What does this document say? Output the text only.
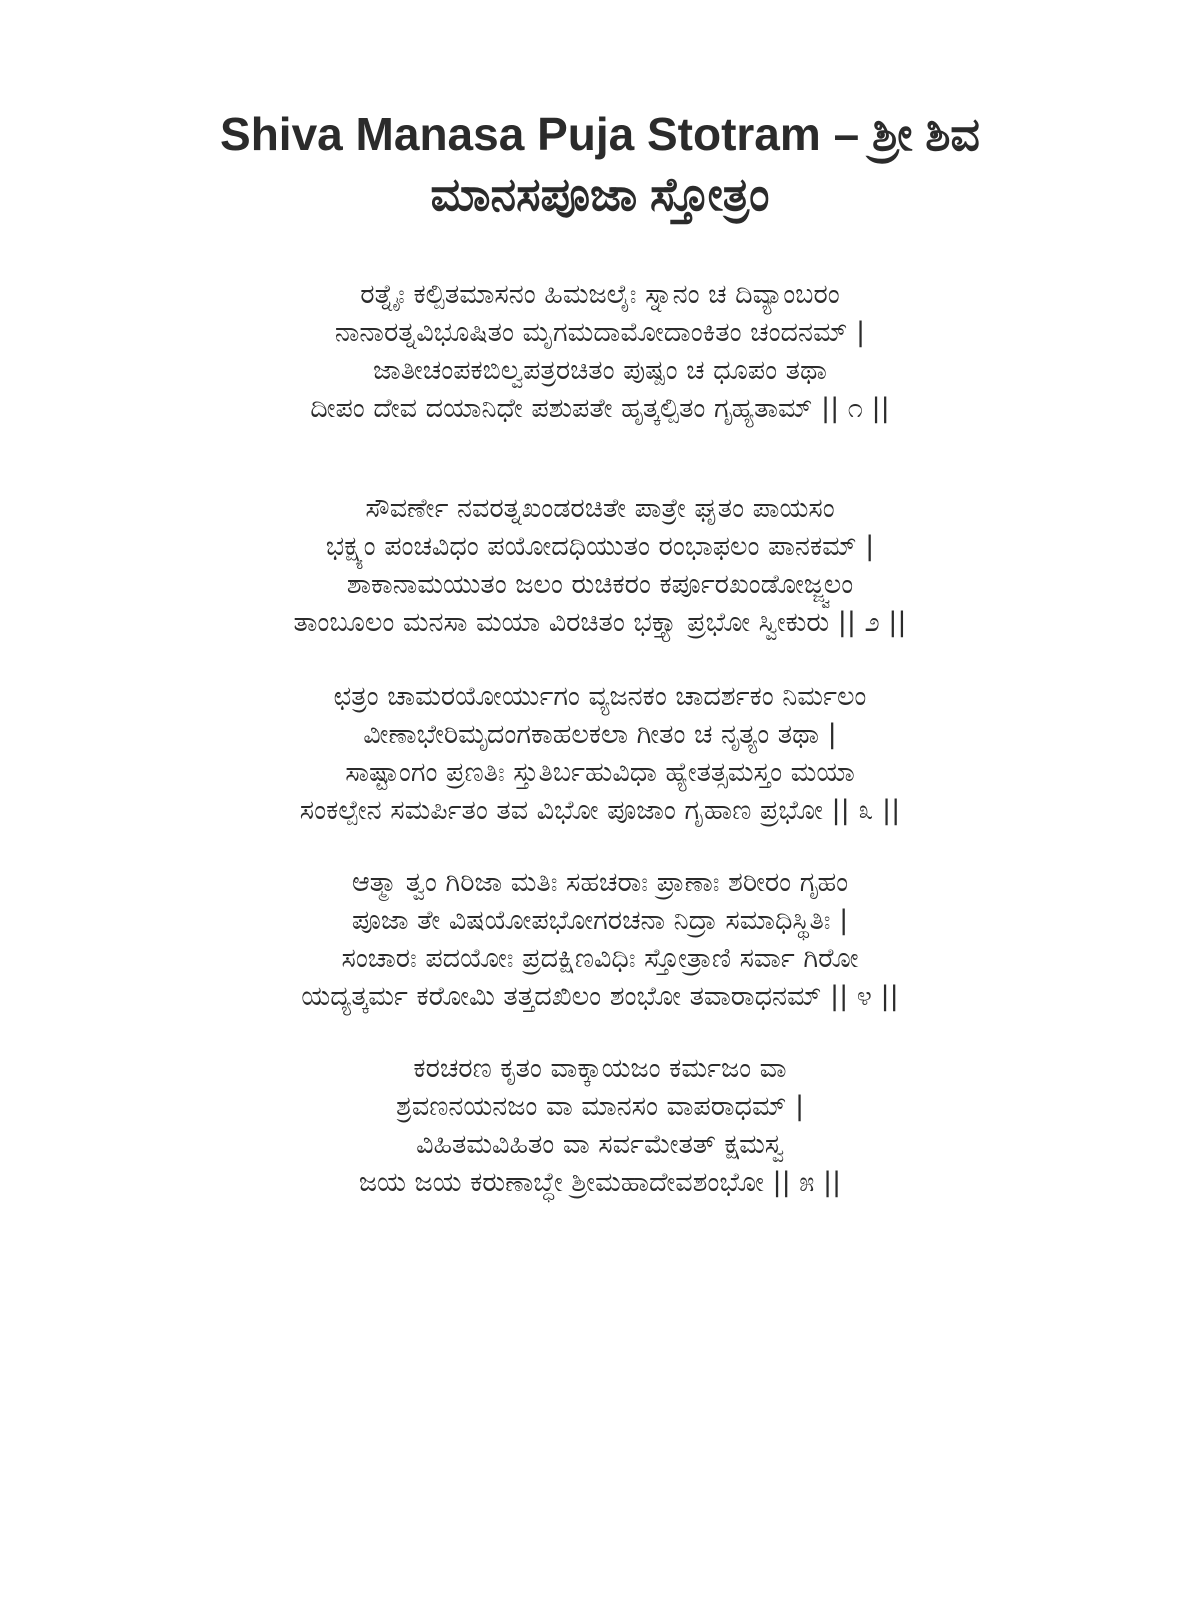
Shiva Manasa Puja Stotram – ಶ್ರೀ ಶಿವ
ಮಾನಸಪೂಜಾ ಸ್ತೋತ್ರಂ
ರತ್ನೈಃ ಕಲ್ಪಿತಮಾಸನಂ ಹಿಮಜಲೈಃ ಸ್ನಾನಂ ಚ ದಿವ್ಯಾಂಬರಂ
ನಾನಾರತ್ನವಿಭೂಷಿತಂ ಮೃಗಮದಾಮೋದಾಂಕಿತಂ ಚಂದನಮ್ |
ಜಾತೀಚಂಪಕಬಿಲ್ವಪತ್ರರಚಿತಂ ಪುಷ್ಪಂ ಚ ಧೂಪಂ ತಥಾ
ದೀಪಂ ದೇವ ದಯಾನಿಧೇ ಪಶುಪತೇ ಹೃತ್ಕಲ್ಪಿತಂ ಗೃಹ್ಯತಾಮ್ || ೧ ||
ಸೌವರ್ಣೇ ನವರತ್ನಖಂಡರಚಿತೇ ಪಾತ್ರೇ ಘೃತಂ ಪಾಯಸಂ
ಭಕ್ಷ್ಯಂ ಪಂಚವಿಧಂ ಪಯೋದಧಿಯುತಂ ರಂಭಾಫಲಂ ಪಾನಕಮ್ |
ಶಾಕಾನಾಮಯುತಂ ಜಲಂ ರುಚಿಕರಂ ಕರ್ಪೂರಖಂಡೋಜ್ಜ್ವಲಂ
ತಾಂಬೂಲಂ ಮನಸಾ ಮಯಾ ವಿರಚಿತಂ ಭಕ್ತ್ಯಾ ಪ್ರಭೋ ಸ್ವೀಕುರು || ೨ ||
ಛತ್ರಂ ಚಾಮರಯೋರ್ಯುಗಂ ವ್ಯಜನಕಂ ಚಾದರ್ಶಕಂ ನಿರ್ಮಲಂ
ವೀಣಾಭೇರಿಮೃದಂಗಕಾಹಲಕಲಾ ಗೀತಂ ಚ ನೃತ್ಯಂ ತಥಾ |
ಸಾಷ್ಟಾಂಗಂ ಪ್ರಣತಿಃ ಸ್ತುತಿರ್ಬಹುವಿಧಾ ಹ್ಯೇತತ್ಸಮಸ್ತಂ ಮಯಾ
ಸಂಕಲ್ಪೇನ ಸಮರ್ಪಿತಂ ತವ ವಿಭೋ ಪೂಜಾಂ ಗೃಹಾಣ ಪ್ರಭೋ || ೩ ||
ಆತ್ಮಾ ತ್ವಂ ಗಿರಿಜಾ ಮತಿಃ ಸಹಚರಾಃ ಪ್ರಾಣಾಃ ಶರೀರಂ ಗೃಹಂ
ಪೂಜಾ ತೇ ವಿಷಯೋಪಭೋಗರಚನಾ ನಿದ್ರಾ ಸಮಾಧಿಸ್ಥಿತಿಃ |
ಸಂಚಾರಃ ಪದಯೋಃ ಪ್ರದಕ್ಷಿಣವಿಧಿಃ ಸ್ತೋತ್ರಾಣಿ ಸರ್ವಾ ಗಿರೋ
ಯದ್ಯತ್ಕರ್ಮ ಕರೋಮಿ ತತ್ತದಖಿಲಂ ಶಂಭೋ ತವಾರಾಧನಮ್ || ೪ ||
ಕರಚರಣ ಕೃತಂ ವಾಕ್ಕಾಯಜಂ ಕರ್ಮಜಂ ವಾ
ಶ್ರವಣನಯನಜಂ ವಾ ಮಾನಸಂ ವಾಪರಾಧಮ್ |
ವಿಹಿತಮವಿಹಿತಂ ವಾ ಸರ್ವಮೇತತ್ ಕ್ಷಮಸ್ವ
ಜಯ ಜಯ ಕರುಣಾಬ್ಧೇ ಶ್ರೀಮಹಾದೇವಶಂಭೋ || ೫ ||
